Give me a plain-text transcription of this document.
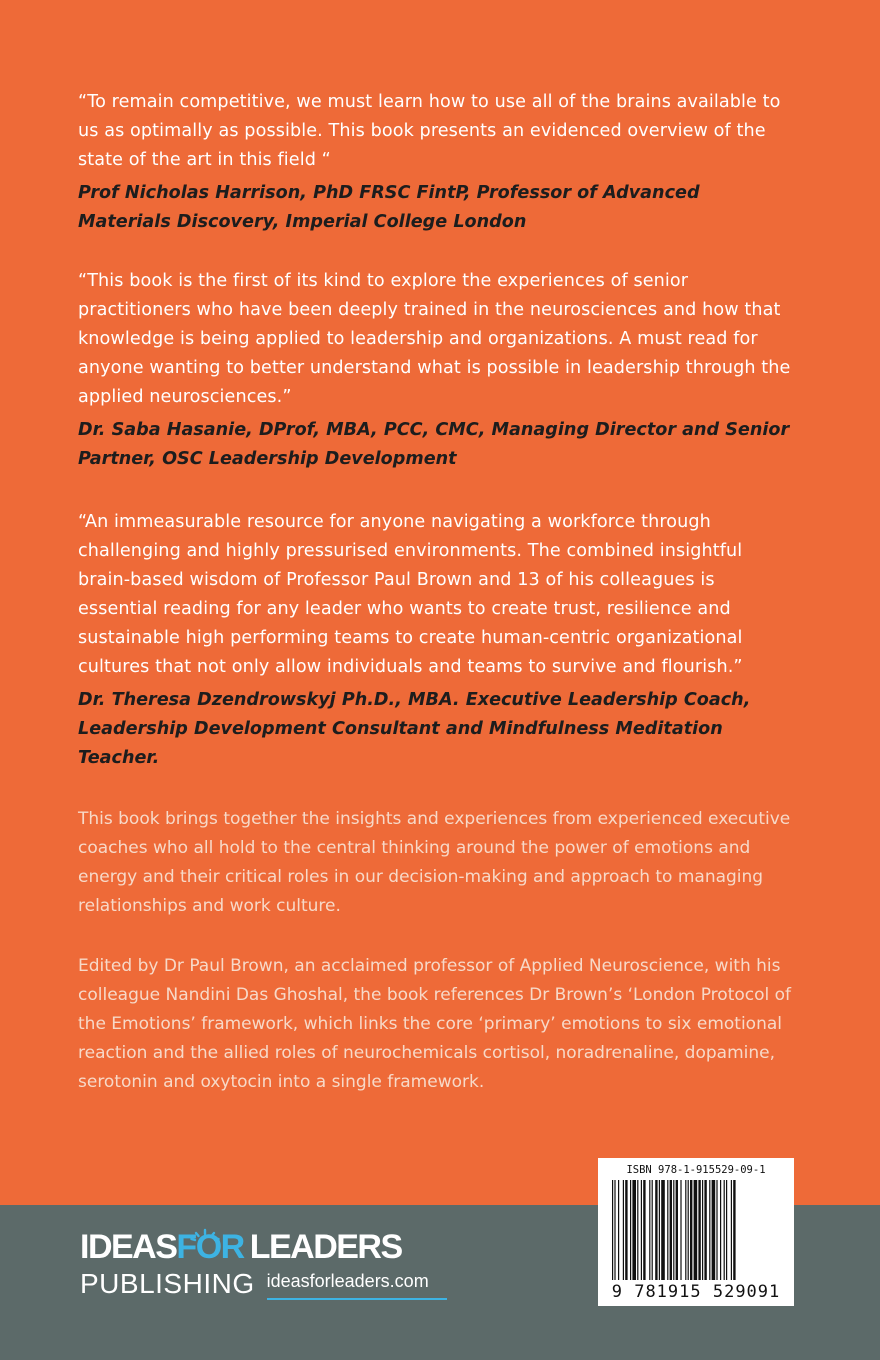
“To remain competitive, we must learn how to use all of the brains available to us as optimally as possible. This book presents an evidenced overview of the state of the art in this field “

Prof Nicholas Harrison, PhD FRSC FintP, Professor of Advanced Materials Discovery, Imperial College London

“This book is the first of its kind to explore the experiences of senior practitioners who have been deeply trained in the neurosciences and how that knowledge is being applied to leadership and organizations. A must read for anyone wanting to better understand what is possible in leadership through the applied neurosciences.”

Dr. Saba Hasanie, DProf, MBA, PCC, CMC, Managing Director and Senior Partner, OSC Leadership Development

“An immeasurable resource for anyone navigating a workforce through challenging and highly pressurised environments. The combined insightful brain-based wisdom of Professor Paul Brown and 13 of his colleagues is essential reading for any leader who wants to create trust, resilience and sustainable high performing teams to create human-centric organizational cultures that not only allow individuals and teams to survive and flourish.”

Dr. Theresa Dzendrowskyj Ph.D., MBA. Executive Leadership Coach, Leadership Development Consultant and Mindfulness Meditation Teacher.

This book brings together the insights and experiences from experienced executive coaches who all hold to the central thinking around the power of emotions and energy and their critical roles in our decision-making and approach to managing relationships and work culture.

Edited by Dr Paul Brown, an acclaimed professor of Applied Neuroscience, with his colleague Nandini Das Ghoshal, the book references Dr Brown’s ‘London Protocol of the Emotions’ framework, which links the core ‘primary’ emotions to six emotional reaction and the allied roles of neurochemicals cortisol, noradrenaline, dopamine, serotonin and oxytocin into a single framework.

IDEAS FOR LEADERS
PUBLISHING ideasforleaders.com
ISBN 978-1-915529-09-1
9 781915 529091
